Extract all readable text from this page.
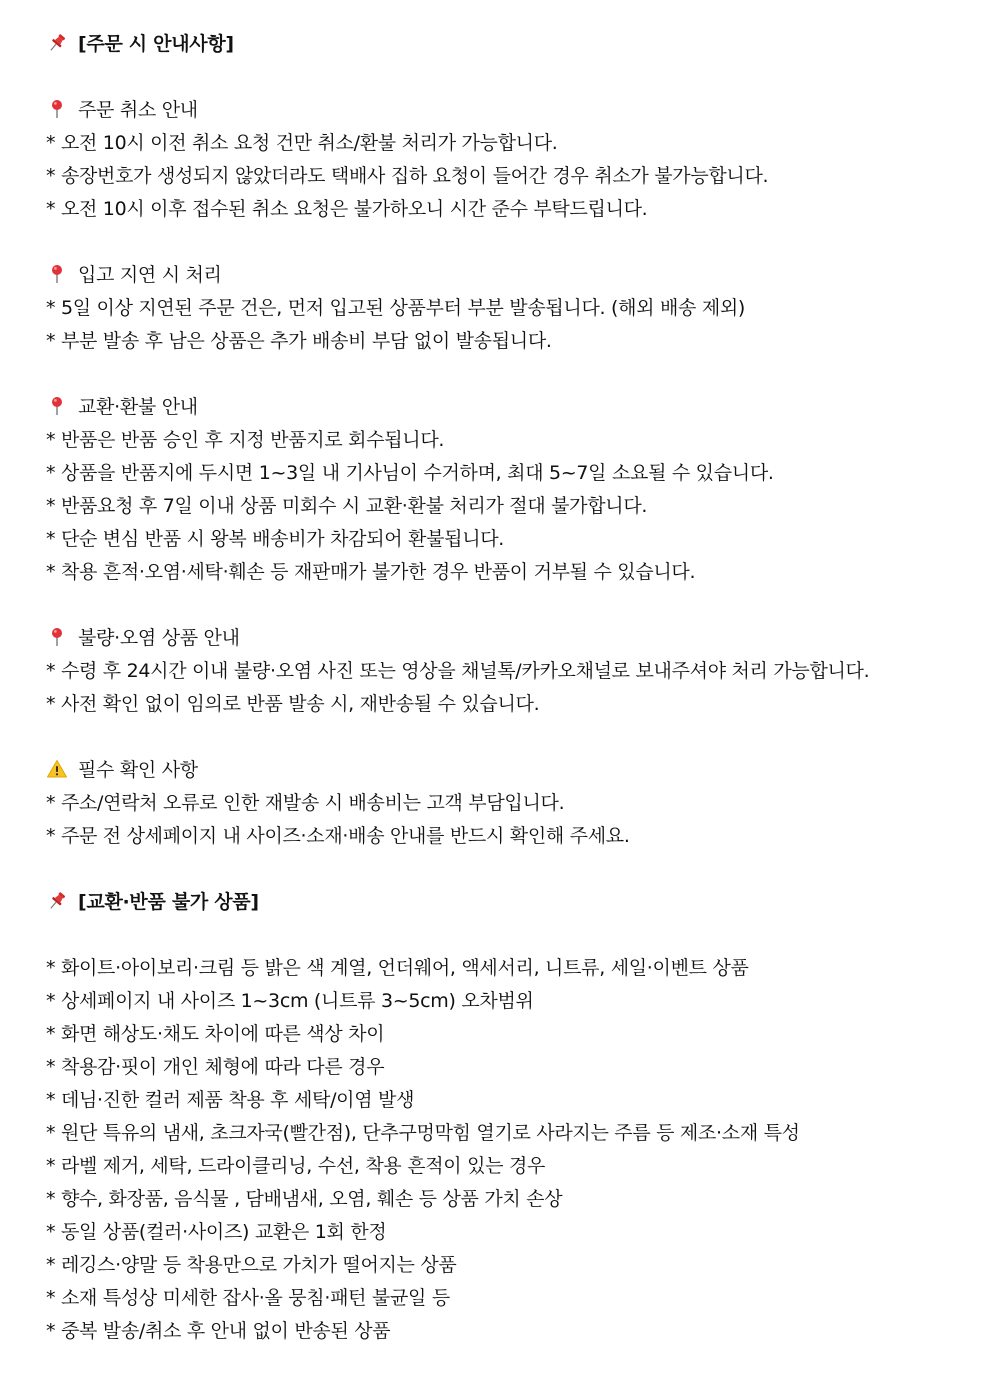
[주문 시 안내사항]
주문 취소 안내
* 오전 10시 이전 취소 요청 건만 취소/환불 처리가 가능합니다.
* 송장번호가 생성되지 않았더라도 택배사 집하 요청이 들어간 경우 취소가 불가능합니다.
* 오전 10시 이후 접수된 취소 요청은 불가하오니 시간 준수 부탁드립니다.
입고 지연 시 처리
* 5일 이상 지연된 주문 건은, 먼저 입고된 상품부터 부분 발송됩니다. (해외 배송 제외)
* 부분 발송 후 남은 상품은 추가 배송비 부담 없이 발송됩니다.
교환·환불 안내
* 반품은 반품 승인 후 지정 반품지로 회수됩니다.
* 상품을 반품지에 두시면 1~3일 내 기사님이 수거하며, 최대 5~7일 소요될 수 있습니다.
* 반품요청 후 7일 이내 상품 미회수 시 교환·환불 처리가 절대 불가합니다.
* 단순 변심 반품 시 왕복 배송비가 차감되어 환불됩니다.
* 착용 흔적·오염·세탁·훼손 등 재판매가 불가한 경우 반품이 거부될 수 있습니다.
불량·오염 상품 안내
* 수령 후 24시간 이내 불량·오염 사진 또는 영상을 채널톡/카카오채널로 보내주셔야 처리 가능합니다.
* 사전 확인 없이 임의로 반품 발송 시, 재반송될 수 있습니다.
필수 확인 사항
* 주소/연락처 오류로 인한 재발송 시 배송비는 고객 부담입니다.
* 주문 전 상세페이지 내 사이즈·소재·배송 안내를 반드시 확인해 주세요.
[교환·반품 불가 상품]
* 화이트·아이보리·크림 등 밝은 색 계열, 언더웨어, 액세서리, 니트류, 세일·이벤트 상품
* 상세페이지 내 사이즈 1~3cm (니트류 3~5cm) 오차범위
* 화면 해상도·채도 차이에 따른 색상 차이
* 착용감·핏이 개인 체형에 따라 다른 경우
* 데님·진한 컬러 제품 착용 후 세탁/이염 발생
* 원단 특유의 냄새, 초크자국(빨간점), 단추구멍막힘 열기로 사라지는 주름 등 제조·소재 특성
* 라벨 제거, 세탁, 드라이클리닝, 수선, 착용 흔적이 있는 경우
* 향수, 화장품, 음식물 , 담배냄새, 오염, 훼손 등 상품 가치 손상
* 동일 상품(컬러·사이즈) 교환은 1회 한정
* 레깅스·양말 등 착용만으로 가치가 떨어지는 상품
* 소재 특성상 미세한 잡사·올 뭉침·패턴 불균일 등
* 중복 발송/취소 후 안내 없이 반송된 상품
